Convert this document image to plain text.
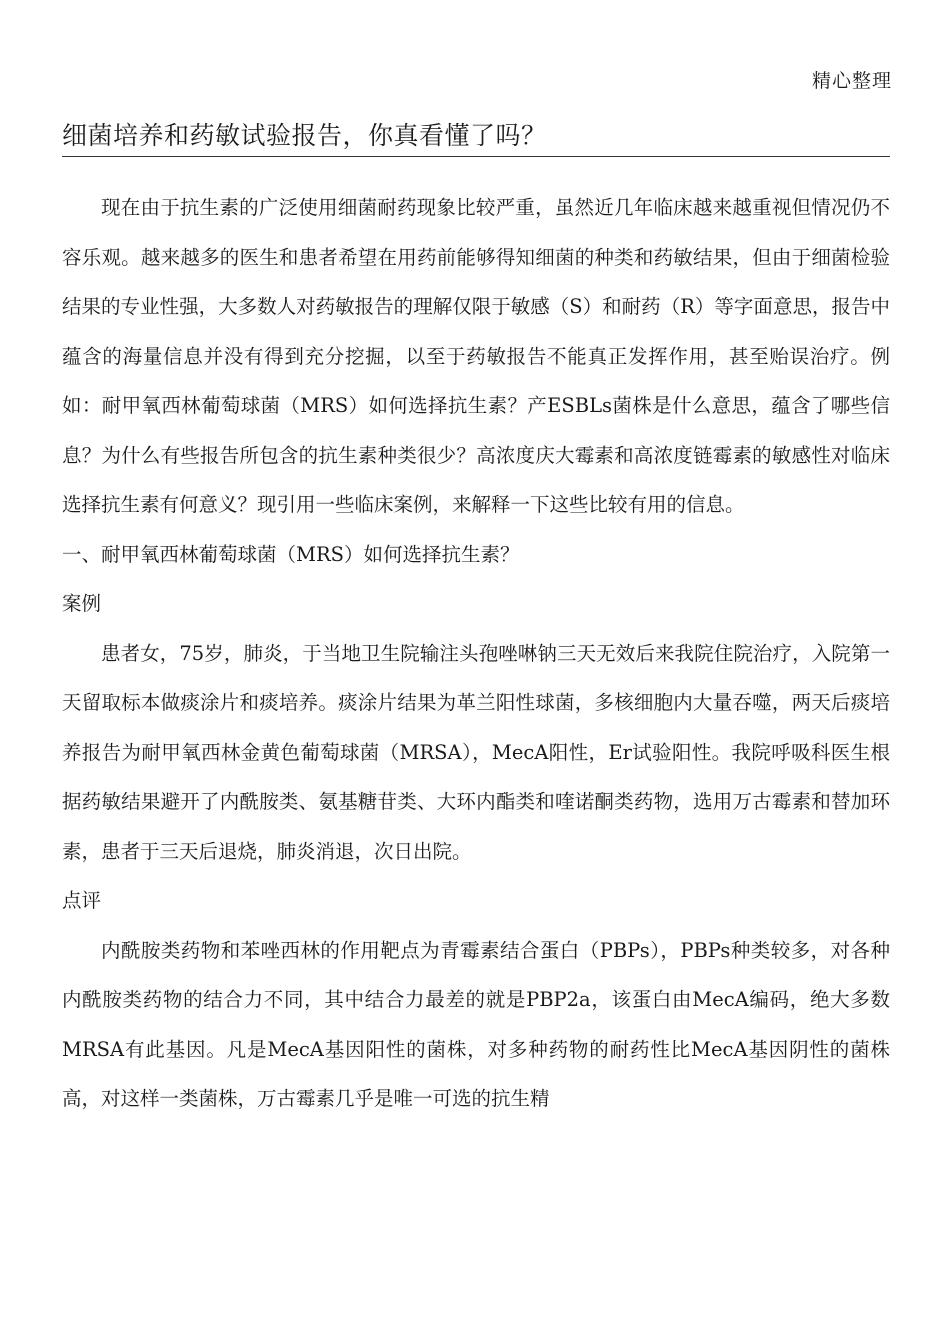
精心整理
细菌培养和药敏试验报告，你真看懂了吗？

现在由于抗生素的广泛使用细菌耐药现象比较严重，虽然近几年临床越来越重视但情况仍不容乐观。越来越多的医生和患者希望在用药前能够得知细菌的种类和药敏结果，但由于细菌检验结果的专业性强，大多数人对药敏报告的理解仅限于敏感（S）和耐药（R）等字面意思，报告中蕴含的海量信息并没有得到充分挖掘，以至于药敏报告不能真正发挥作用，甚至贻误治疗。例如：耐甲氧西林葡萄球菌（MRS）如何选择抗生素？产ESBLs菌株是什么意思，蕴含了哪些信息？为什么有些报告所包含的抗生素种类很少？高浓度庆大霉素和高浓度链霉素的敏感性对临床选择抗生素有何意义？现引用一些临床案例，来解释一下这些比较有用的信息。

一、耐甲氧西林葡萄球菌（MRS）如何选择抗生素？

案例

患者女，75岁，肺炎，于当地卫生院输注头孢唑啉钠三天无效后来我院住院治疗，入院第一天留取标本做痰涂片和痰培养。痰涂片结果为革兰阳性球菌，多核细胞内大量吞噬，两天后痰培养报告为耐甲氧西林金黄色葡萄球菌（MRSA），MecA阳性，Er试验阳性。我院呼吸科医生根据药敏结果避开了内酰胺类、氨基糖苷类、大环内酯类和喹诺酮类药物，选用万古霉素和替加环素，患者于三天后退烧，肺炎消退，次日出院。

点评

内酰胺类药物和苯唑西林的作用靶点为青霉素结合蛋白（PBPs），PBPs种类较多，对各种内酰胺类药物的结合力不同，其中结合力最差的就是PBP2a，该蛋白由MecA编码，绝大多数MRSA有此基因。凡是MecA基因阳性的菌株，对多种药物的耐药性比MecA基因阴性的菌株高，对这样一类菌株，万古霉素几乎是唯一可选的抗生精
